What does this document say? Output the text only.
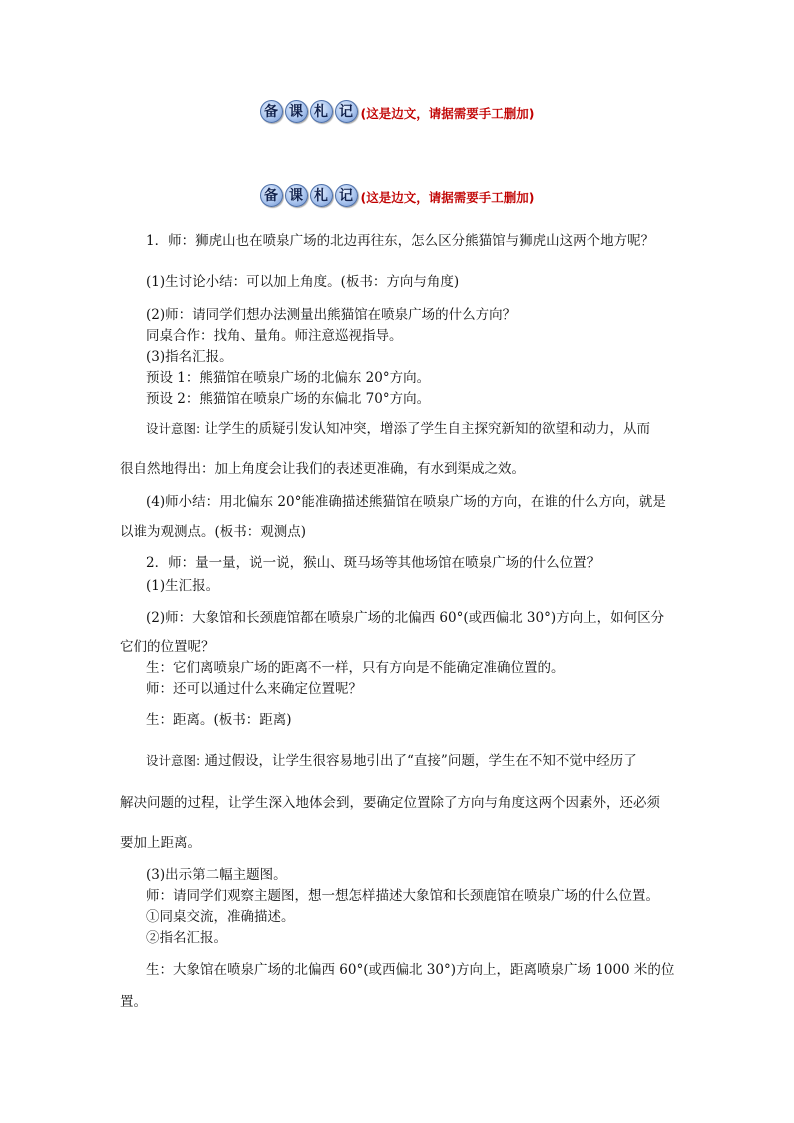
备 课 札 记 (这是边文，请据需要手工删加)
备 课 札 记 (这是边文，请据需要手工删加)

1．师：狮虎山也在喷泉广场的北边再往东，怎么区分熊猫馆与狮虎山这两个地方呢？

(1)生讨论小结：可以加上角度。(板书：方向与角度)

(2)师：请同学们想办法测量出熊猫馆在喷泉广场的什么方向？

同桌合作：找角、量角。师注意巡视指导。

(3)指名汇报。

预设 1：熊猫馆在喷泉广场的北偏东 20°方向。

预设 2：熊猫馆在喷泉广场的东偏北 70°方向。

设计意图: 让学生的质疑引发认知冲突，增添了学生自主探究新知的欲望和动力，从而

很自然地得出：加上角度会让我们的表述更准确，有水到渠成之效。

(4)师小结：用北偏东 20°能准确描述熊猫馆在喷泉广场的方向，在谁的什么方向，就是

以谁为观测点。(板书：观测点)

2．师：量一量，说一说，猴山、斑马场等其他场馆在喷泉广场的什么位置？

(1)生汇报。

(2)师：大象馆和长颈鹿馆都在喷泉广场的北偏西 60°(或西偏北 30°)方向上，如何区分

它们的位置呢？

生：它们离喷泉广场的距离不一样，只有方向是不能确定准确位置的。

师：还可以通过什么来确定位置呢？

生：距离。(板书：距离)

设计意图: 通过假设，让学生很容易地引出了“直接”问题，学生在不知不觉中经历了

解决问题的过程，让学生深入地体会到，要确定位置除了方向与角度这两个因素外，还必须

要加上距离。

(3)出示第二幅主题图。

师：请同学们观察主题图，想一想怎样描述大象馆和长颈鹿馆在喷泉广场的什么位置。

①同桌交流，准确描述。

②指名汇报。

生：大象馆在喷泉广场的北偏西 60°(或西偏北 30°)方向上，距离喷泉广场 1000 米的位

置。
